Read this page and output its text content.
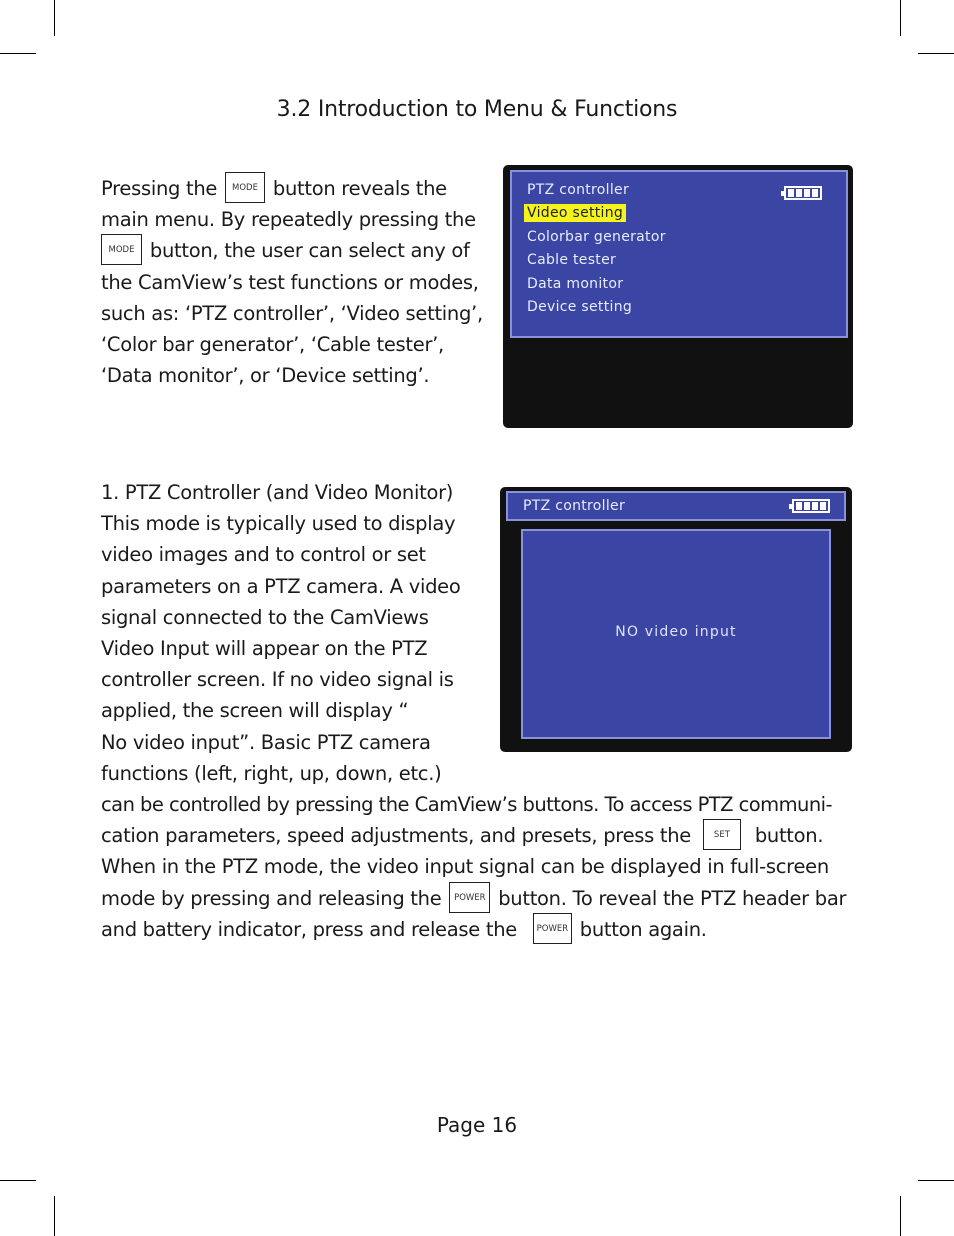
3.2 Introduction to Menu & Functions
Pressing the MODE button reveals the
main menu. By repeatedly pressing the
MODE button, the user can select any of
the CamView’s test functions or modes,
such as: ‘PTZ controller’, ‘Video setting’,
‘Color bar generator’, ‘Cable tester’,
‘Data monitor’, or ‘Device setting’.
PTZ controller
Video setting
Colorbar generator
Cable tester
Data monitor
Device setting
1. PTZ Controller (and Video Monitor)
This mode is typically used to display
video images and to control or set
parameters on a PTZ camera. A video
signal connected to the CamViews
Video Input will appear on the PTZ
controller screen. If no video signal is
applied, the screen will display “
No video input”. Basic PTZ camera
functions (left, right, up, down, etc.)
can be controlled by pressing the CamView’s buttons. To access PTZ communi-
cation parameters, speed adjustments, and presets, press the	SET button.
When in the PTZ mode, the video input signal can be displayed in full-screen
mode by pressing and releasing the POWER button. To reveal the PTZ header bar
and battery indicator, press and release the POWER button again.
PTZ controller
NO video input
Page 16
